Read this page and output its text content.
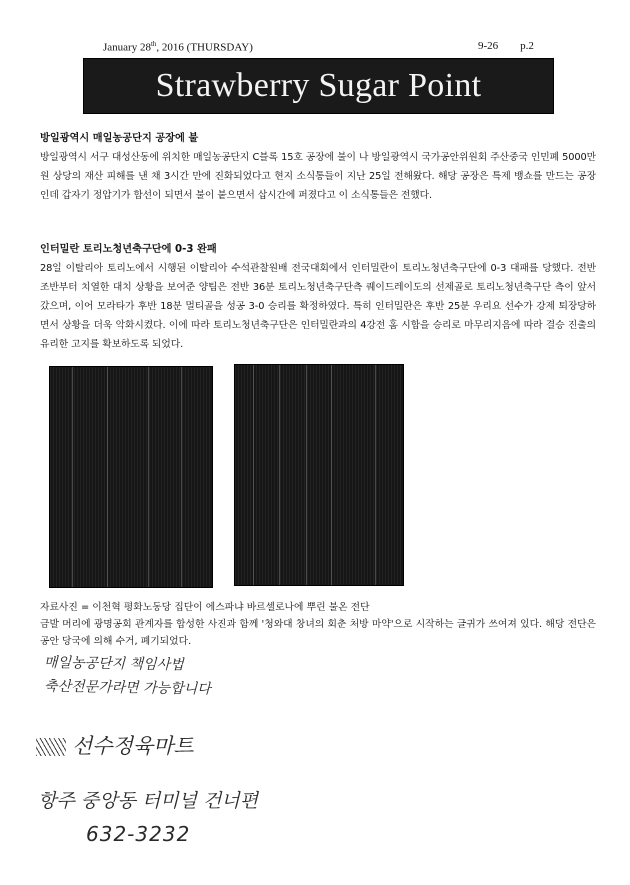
January 28th, 2016 (THURSDAY)	9-26 p.2
Strawberry Sugar Point
방일광역시 매일농공단지 공장에 불

방일광역시 서구 대성산동에 위치한 매일농공단지 C블록 15호 공장에 불이 나 방일광역시 국가공안위원회 주산중국 인민폐 5000만원 상당의 재산 피해를 낸 채 3시간 만에 진화되었다고 현지 소식통들이 지난 25일 전해왔다. 해당 공장은 특제 뱅쇼를 만드는 공장인데 갑자기 정압기가 합선이 되면서 불이 붙으면서 삽시간에 퍼졌다고 이 소식통들은 전했다.

인터밀란 토리노청년축구단에 0-3 완패

28일 이탈리아 토리노에서 시행된 이탈리아 수석관찰원배 전국대회에서 인터밀란이 토리노청년축구단에 0-3 대패를 당했다. 전반 조반부터 치열한 대치 상황을 보여준 양팀은 전반 36분 토리노청년축구단측 퀘이드레이도의 선제골로 토리노청년축구단 측이 앞서갔으며, 이어 모라타가 후반 18분 멀티골을 성공 3-0 승리를 확정하였다. 특히 인터밀란은 후반 25분 우리요 선수가 강제 퇴장당하면서 상황을 더욱 악화시켰다. 이에 따라 토리노청년축구단은 인터밀란과의 4강전 홈 시합을 승리로 마무리지음에 따라 결승 진출의 유리한 고지를 확보하도록 되었다.

자료사진 = 이천혁 평화노동당 집단이 에스파냐 바르셀로나에 뿌린 불온 전단

금발 머리에 광명공회 관계자를 합성한 사진과 함께 '청와대 창녀의 회춘 처방 마약'으로 시작하는 글귀가 쓰여져 있다. 해당 전단은 공안 당국에 의해 수거, 폐기되었다.

매일농공단지 책임사법
축산전문가라면 가능합니다
선수정육마트
항주 중앙동 터미널 건너편
632-3232
